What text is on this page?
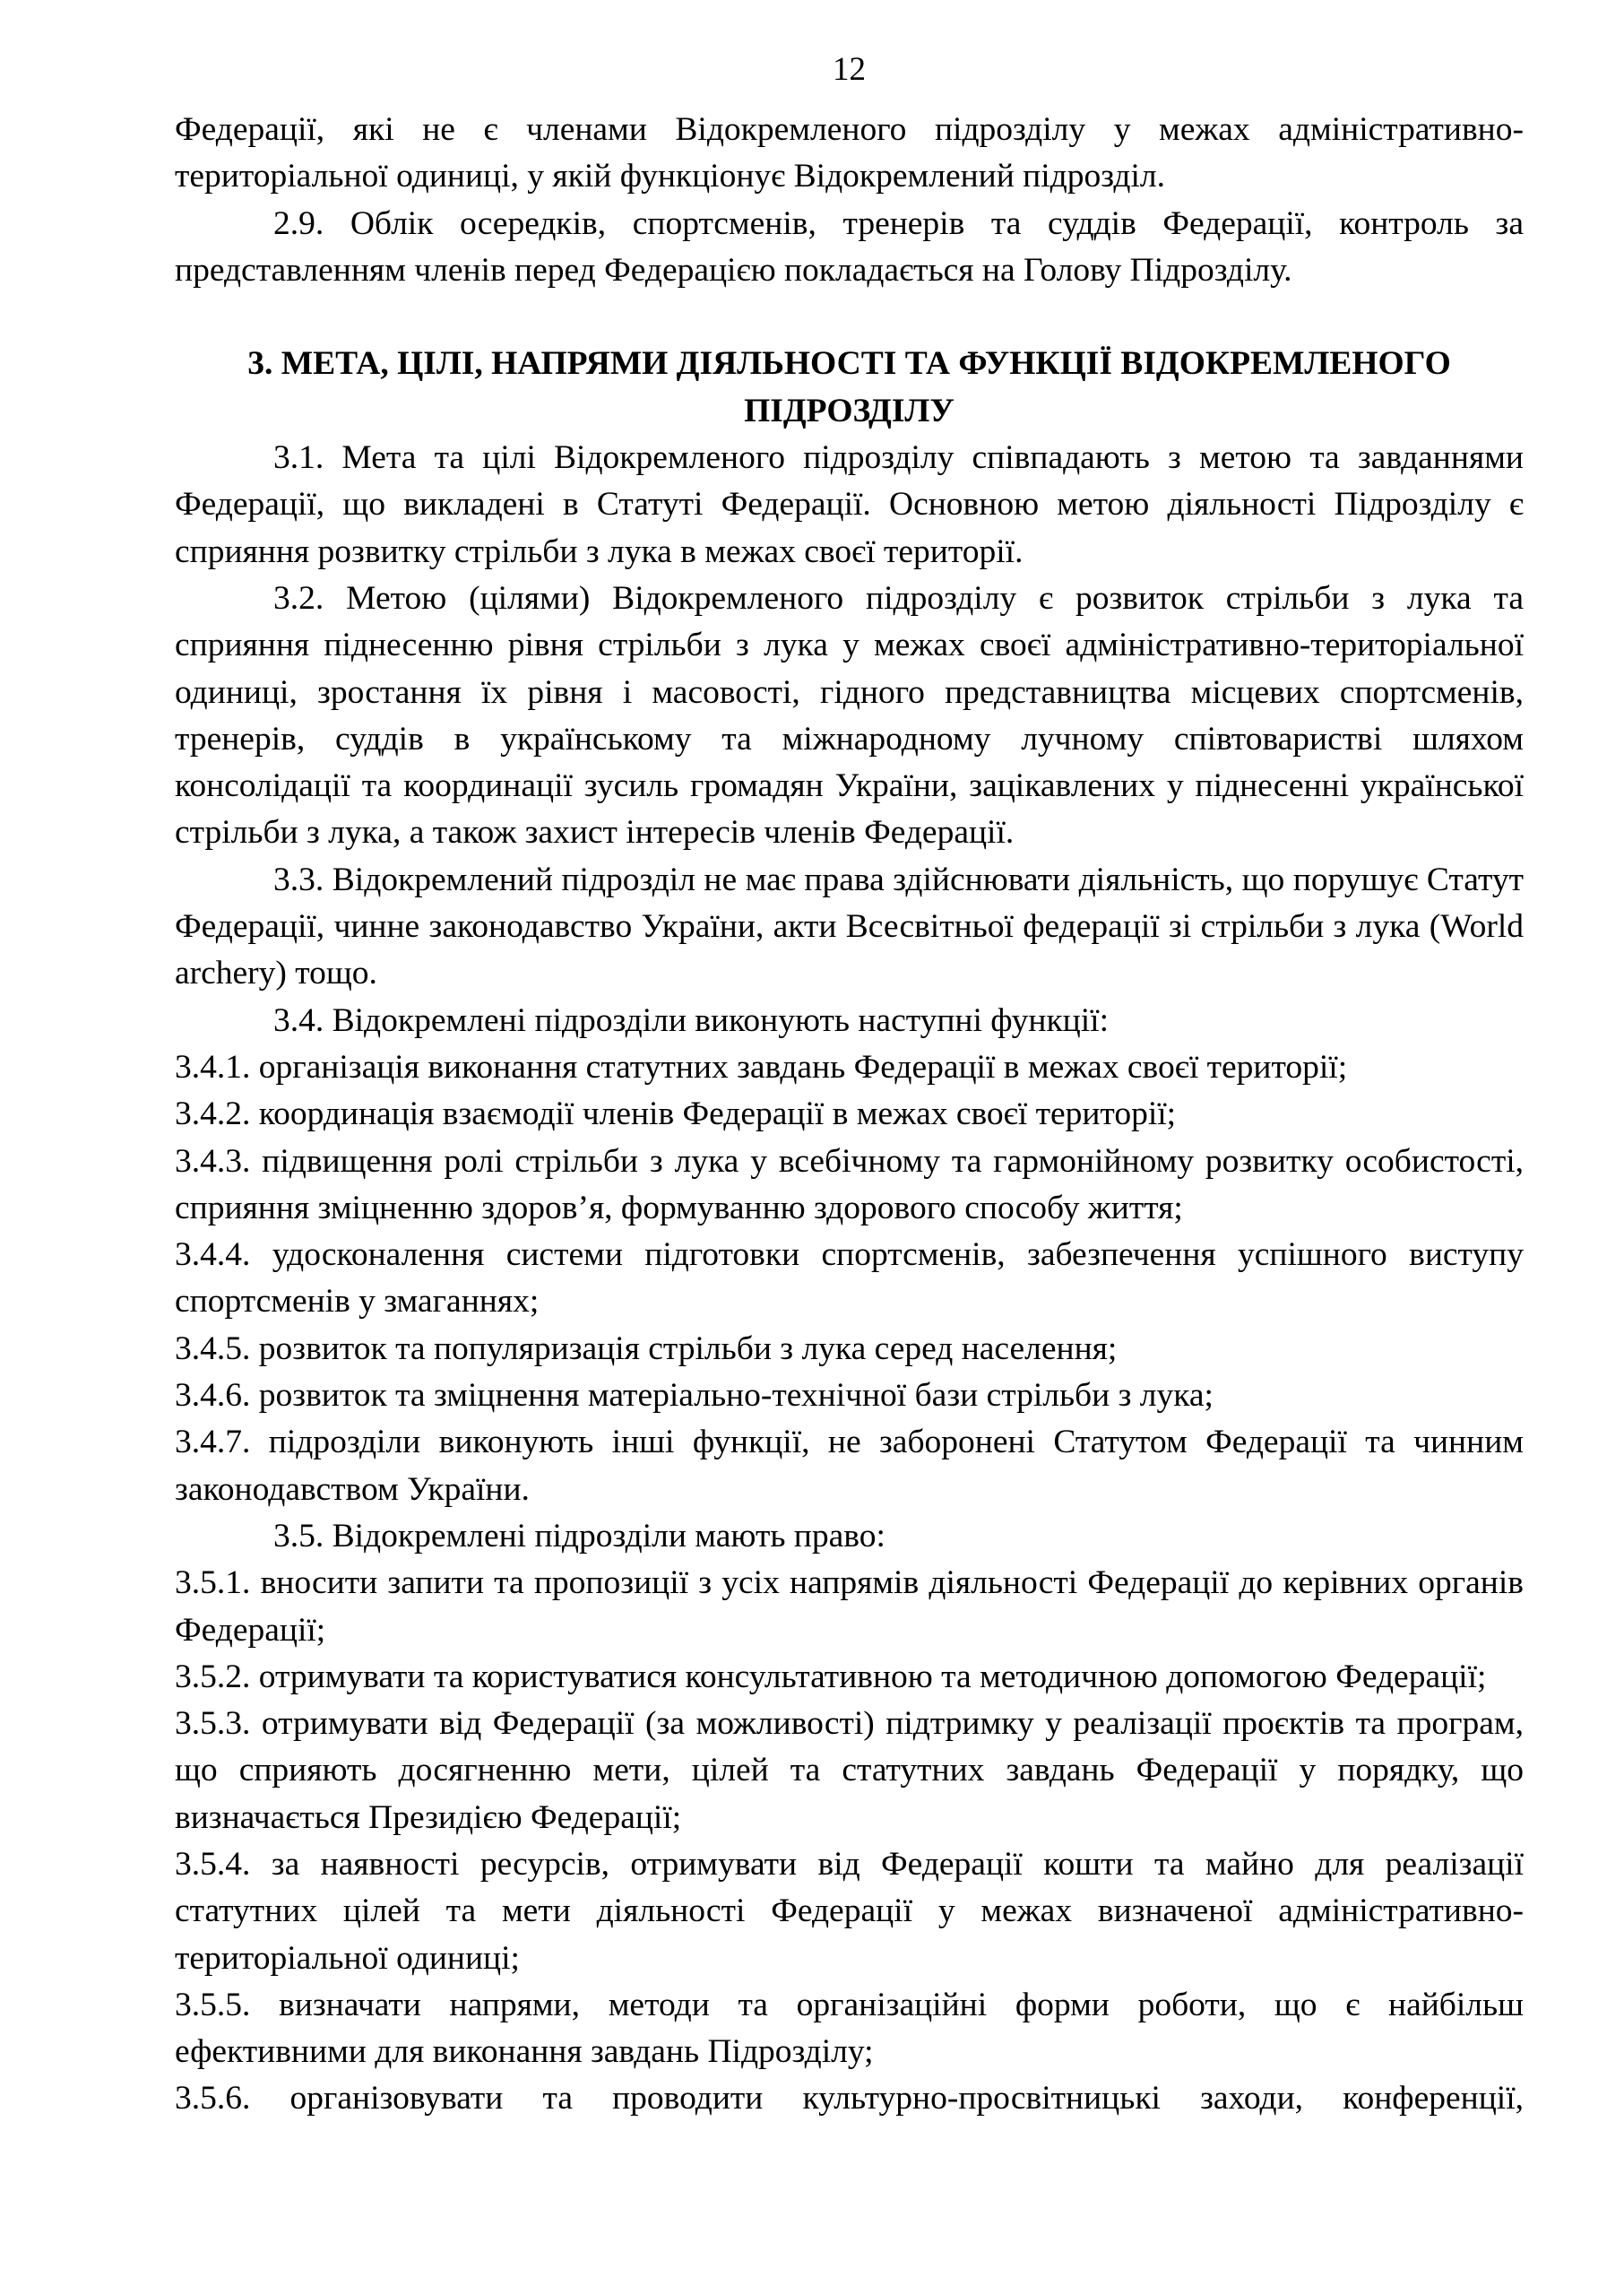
12

Федерації, які не є членами Відокремленого підрозділу у межах адміністративно-територіальної одиниці, у якій функціонує Відокремлений підрозділ.

2.9. Облік осередків, спортсменів, тренерів та суддів Федерації, контроль за представленням членів перед Федерацією покладається на Голову Підрозділу.

3. МЕТА, ЦІЛІ, НАПРЯМИ ДІЯЛЬНОСТІ ТА ФУНКЦІЇ ВІДОКРЕМЛЕНОГО ПІДРОЗДІЛУ

3.1. Мета та цілі Відокремленого підрозділу співпадають з метою та завданнями Федерації, що викладені в Статуті Федерації. Основною метою діяльності Підрозділу є сприяння розвитку стрільби з лука в межах своєї території.

3.2. Метою (цілями) Відокремленого підрозділу є розвиток стрільби з лука та сприяння піднесенню рівня стрільби з лука у межах своєї адміністративно-територіальної одиниці, зростання їх рівня і масовості, гідного представництва місцевих спортсменів, тренерів, суддів в українському та міжнародному лучному співтоваристві шляхом консолідації та координації зусиль громадян України, зацікавлених у піднесенні української стрільби з лука, а також захист інтересів членів Федерації.

3.3. Відокремлений підрозділ не має права здійснювати діяльність, що порушує Статут Федерації, чинне законодавство України, акти Всесвітньої федерації зі стрільби з лука (World archery) тощо.

3.4. Відокремлені підрозділи виконують наступні функції:

3.4.1. організація виконання статутних завдань Федерації в межах своєї території;

3.4.2. координація взаємодії членів Федерації в межах своєї території;

3.4.3. підвищення ролі стрільби з лука у всебічному та гармонійному розвитку особистості, сприяння зміцненню здоров’я, формуванню здорового способу життя;

3.4.4. удосконалення системи підготовки спортсменів, забезпечення успішного виступу спортсменів у змаганнях;

3.4.5. розвиток та популяризація стрільби з лука серед населення;

3.4.6. розвиток та зміцнення матеріально-технічної бази стрільби з лука;

3.4.7. підрозділи виконують інші функції, не заборонені Статутом Федерації та чинним законодавством України.

3.5. Відокремлені підрозділи мають право:

3.5.1. вносити запити та пропозиції з усіх напрямів діяльності Федерації до керівних органів Федерації;

3.5.2. отримувати та користуватися консультативною та методичною допомогою Федерації;

3.5.3. отримувати від Федерації (за можливості) підтримку у реалізації проєктів та програм, що сприяють досягненню мети, цілей та статутних завдань Федерації у порядку, що визначається Президією Федерації;

3.5.4. за наявності ресурсів, отримувати від Федерації кошти та майно для реалізації статутних цілей та мети діяльності Федерації у межах визначеної адміністративно-територіальної одиниці;

3.5.5. визначати напрями, методи та організаційні форми роботи, що є найбільш ефективними для виконання завдань Підрозділу;

3.5.6. організовувати та проводити культурно-просвітницькі заходи, конференції,
